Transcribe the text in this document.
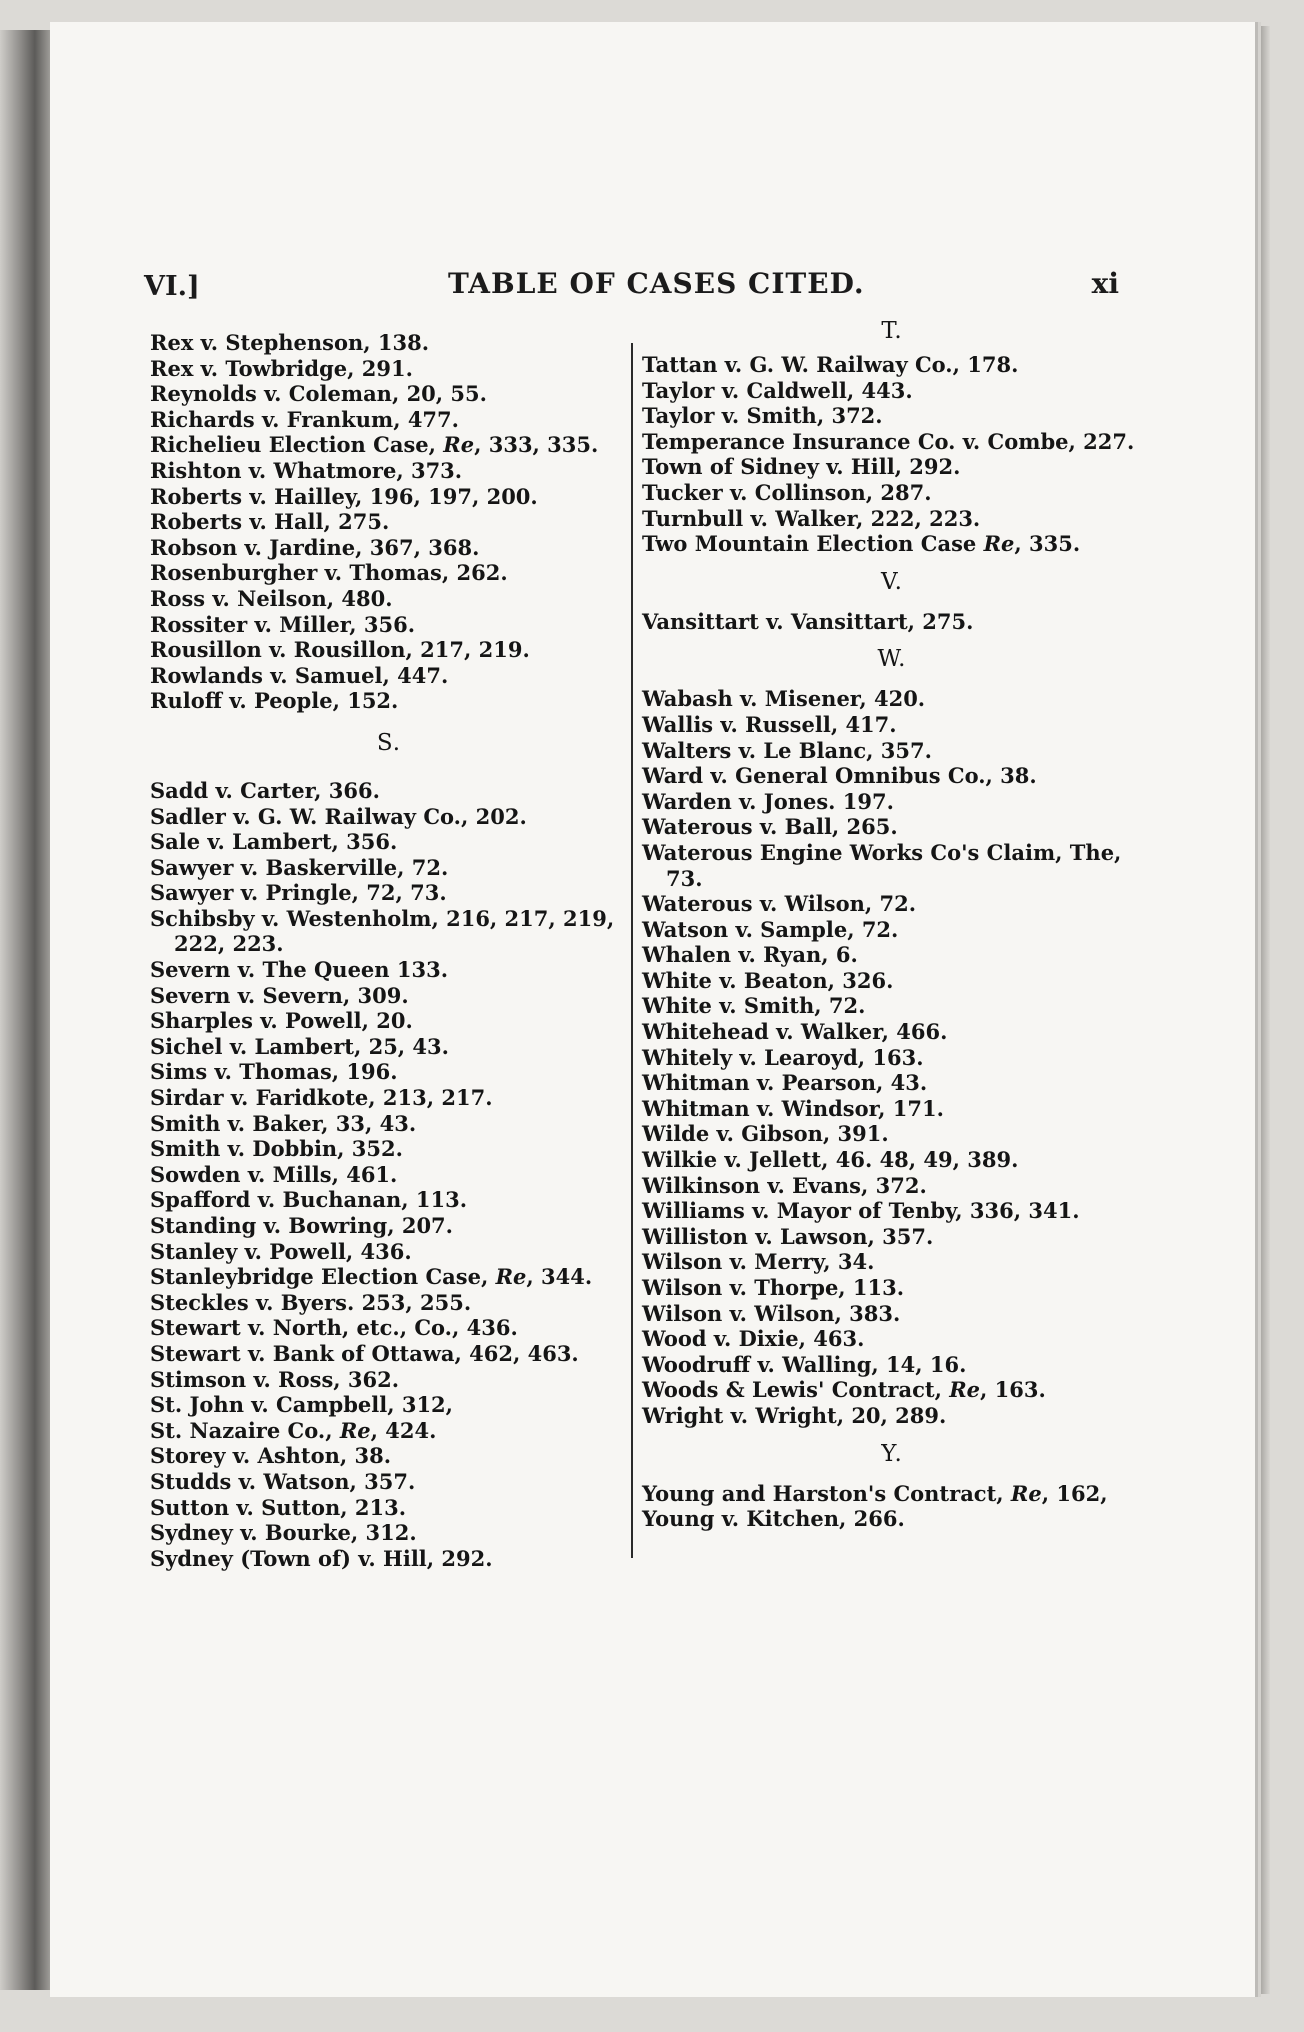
VI.]	TABLE OF CASES CITED.	xi

Rex v. Stephenson, 138.

Rex v. Towbridge, 291.

Reynolds v. Coleman, 20, 55.

Richards v. Frankum, 477.

Richelieu Election Case, Re, 333, 335.

Rishton v. Whatmore, 373.

Roberts v. Hailley, 196, 197, 200.

Roberts v. Hall, 275.

Robson v. Jardine, 367, 368.

Rosenburgher v. Thomas, 262.

Ross v. Neilson, 480.

Rossiter v. Miller, 356.

Rousillon v. Rousillon, 217, 219.

Rowlands v. Samuel, 447.

Ruloff v. People, 152.

S.

Sadd v. Carter, 366.

Sadler v. G. W. Railway Co., 202.

Sale v. Lambert, 356.

Sawyer v. Baskerville, 72.

Sawyer v. Pringle, 72, 73.

Schibsby v. Westenholm, 216, 217, 219, 222, 223.

Severn v. The Queen 133.

Severn v. Severn, 309.

Sharples v. Powell, 20.

Sichel v. Lambert, 25, 43.

Sims v. Thomas, 196.

Sirdar v. Faridkote, 213, 217.

Smith v. Baker, 33, 43.

Smith v. Dobbin, 352.

Sowden v. Mills, 461.

Spafford v. Buchanan, 113.

Standing v. Bowring, 207.

Stanley v. Powell, 436.

Stanleybridge Election Case, Re, 344.

Steckles v. Byers. 253, 255.

Stewart v. North, etc., Co., 436.

Stewart v. Bank of Ottawa, 462, 463.

Stimson v. Ross, 362.

St. John v. Campbell, 312,

St. Nazaire Co., Re, 424.

Storey v. Ashton, 38.

Studds v. Watson, 357.

Sutton v. Sutton, 213.

Sydney v. Bourke, 312.

Sydney (Town of) v. Hill, 292.

T.

Tattan v. G. W. Railway Co., 178.

Taylor v. Caldwell, 443.

Taylor v. Smith, 372.

Temperance Insurance Co. v. Combe, 227.

Town of Sidney v. Hill, 292.

Tucker v. Collinson, 287.

Turnbull v. Walker, 222, 223.

Two Mountain Election Case Re, 335.

V.

Vansittart v. Vansittart, 275.

W.

Wabash v. Misener, 420.

Wallis v. Russell, 417.

Walters v. Le Blanc, 357.

Ward v. General Omnibus Co., 38.

Warden v. Jones. 197.

Waterous v. Ball, 265.

Waterous Engine Works Co's Claim, The, 73.

Waterous v. Wilson, 72.

Watson v. Sample, 72.

Whalen v. Ryan, 6.

White v. Beaton, 326.

White v. Smith, 72.

Whitehead v. Walker, 466.

Whitely v. Learoyd, 163.

Whitman v. Pearson, 43.

Whitman v. Windsor, 171.

Wilde v. Gibson, 391.

Wilkie v. Jellett, 46. 48, 49, 389.

Wilkinson v. Evans, 372.

Williams v. Mayor of Tenby, 336, 341.

Williston v. Lawson, 357.

Wilson v. Merry, 34.

Wilson v. Thorpe, 113.

Wilson v. Wilson, 383.

Wood v. Dixie, 463.

Woodruff v. Walling, 14, 16.

Woods & Lewis' Contract, Re, 163.

Wright v. Wright, 20, 289.

Y.

Young and Harston's Contract, Re, 162,

Young v. Kitchen, 266.
